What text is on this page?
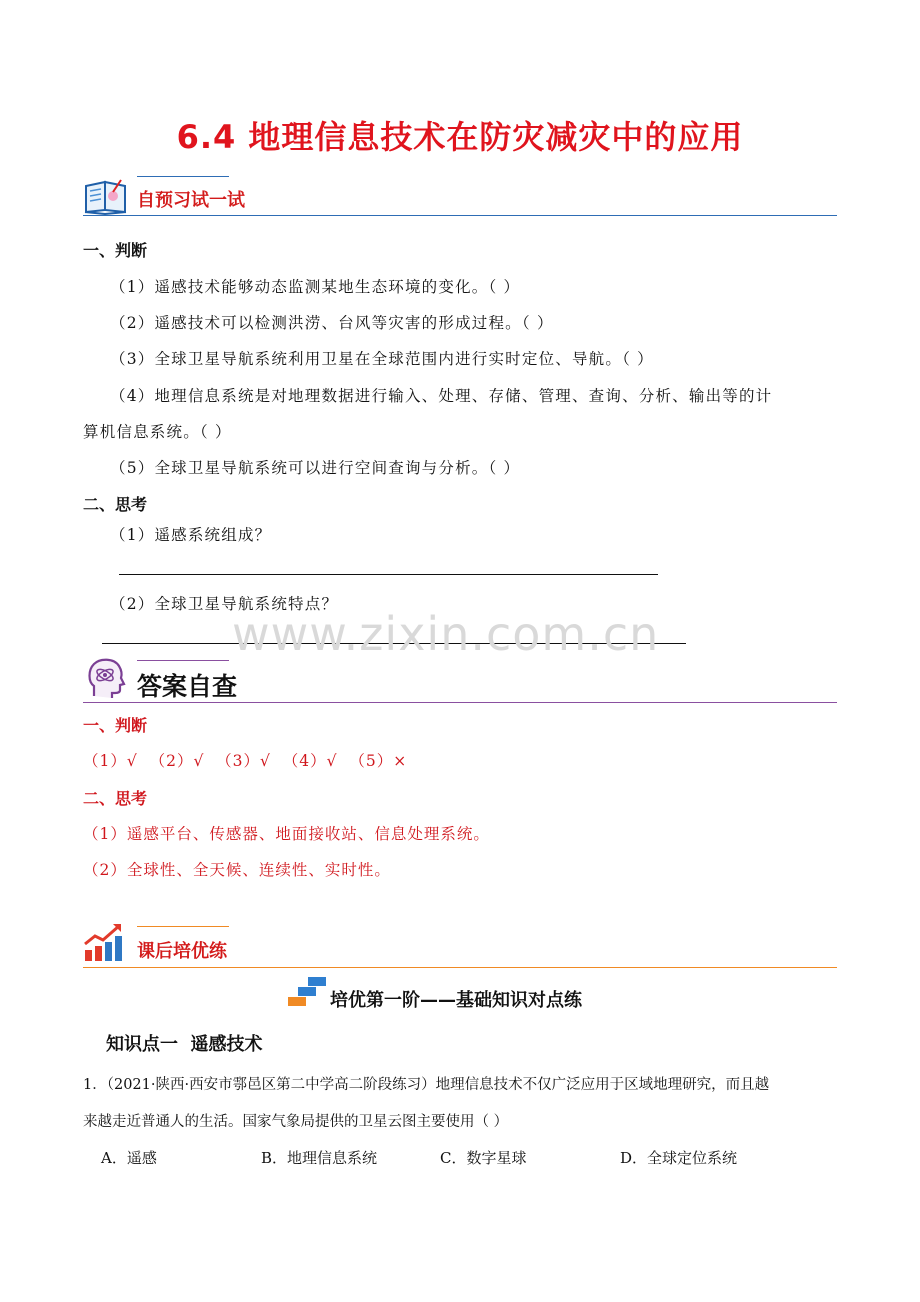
6.4 地理信息技术在防灾减灾中的应用
自预习试一试
一、判断
（1）遥感技术能够动态监测某地生态环境的变化。（ ）
（2）遥感技术可以检测洪涝、台风等灾害的形成过程。（ ）
（3）全球卫星导航系统利用卫星在全球范围内进行实时定位、导航。（ ）
（4）地理信息系统是对地理数据进行输入、处理、存储、管理、查询、分析、输出等的计
算机信息系统。（ ）
（5）全球卫星导航系统可以进行空间查询与分析。（ ）
二、思考
（1）遥感系统组成？
（2）全球卫星导航系统特点？
www.zixin.com.cn
答案自查
一、判断
（1）√  （2）√  （3）√  （4）√  （5）×
二、思考
（1）遥感平台、传感器、地面接收站、信息处理系统。
（2）全球性、全天候、连续性、实时性。
课后培优练
培优第一阶——基础知识对点练
知识点一  遥感技术
1．（2021·陕西·西安市鄠邑区第二中学高二阶段练习）地理信息技术不仅广泛应用于区域地理研究，而且越
来越走近普通人的生活。国家气象局提供的卫星云图主要使用（ ）
A．遥感	B．地理信息系统	C．数字星球	D．全球定位系统
